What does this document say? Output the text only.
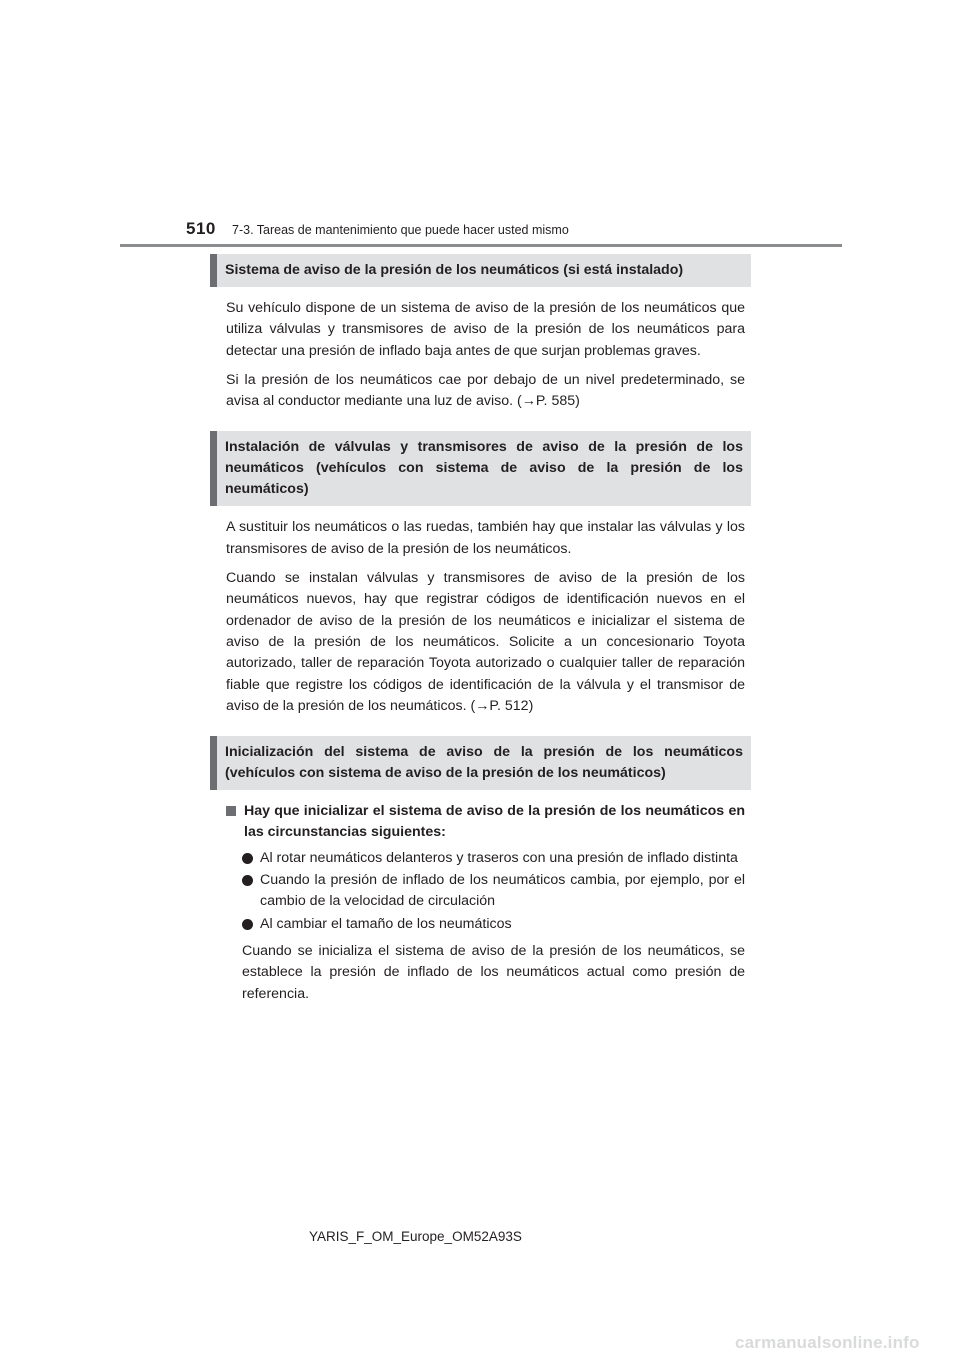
510 7-3. Tareas de mantenimiento que puede hacer usted mismo
Sistema de aviso de la presión de los neumáticos (si está instalado)

Su vehículo dispone de un sistema de aviso de la presión de los neumáticos que utiliza válvulas y transmisores de aviso de la presión de los neumáticos para detectar una presión de inflado baja antes de que surjan problemas graves.

Si la presión de los neumáticos cae por debajo de un nivel predeterminado, se avisa al conductor mediante una luz de aviso. (→P. 585)

Instalación de válvulas y transmisores de aviso de la presión de los neumáticos (vehículos con sistema de aviso de la presión de los neumáticos)

A sustituir los neumáticos o las ruedas, también hay que instalar las válvulas y los transmisores de aviso de la presión de los neumáticos.

Cuando se instalan válvulas y transmisores de aviso de la presión de los neumáticos nuevos, hay que registrar códigos de identificación nuevos en el ordenador de aviso de la presión de los neumáticos e inicializar el sistema de aviso de la presión de los neumáticos. Solicite a un concesionario Toyota autorizado, taller de reparación Toyota autorizado o cualquier taller de reparación fiable que registre los códigos de identificación de la válvula y el transmisor de aviso de la presión de los neumáticos. (→P. 512)

Inicialización del sistema de aviso de la presión de los neumáticos (vehículos con sistema de aviso de la presión de los neumáticos)
Hay que inicializar el sistema de aviso de la presión de los neumáticos en las circunstancias siguientes:
Al rotar neumáticos delanteros y traseros con una presión de inflado distinta
Cuando la presión de inflado de los neumáticos cambia, por ejemplo, por el cambio de la velocidad de circulación
Al cambiar el tamaño de los neumáticos

Cuando se inicializa el sistema de aviso de la presión de los neumáticos, se establece la presión de inflado de los neumáticos actual como presión de referencia.

YARIS_F_OM_Europe_OM52A93S
carmanualsonline.info
